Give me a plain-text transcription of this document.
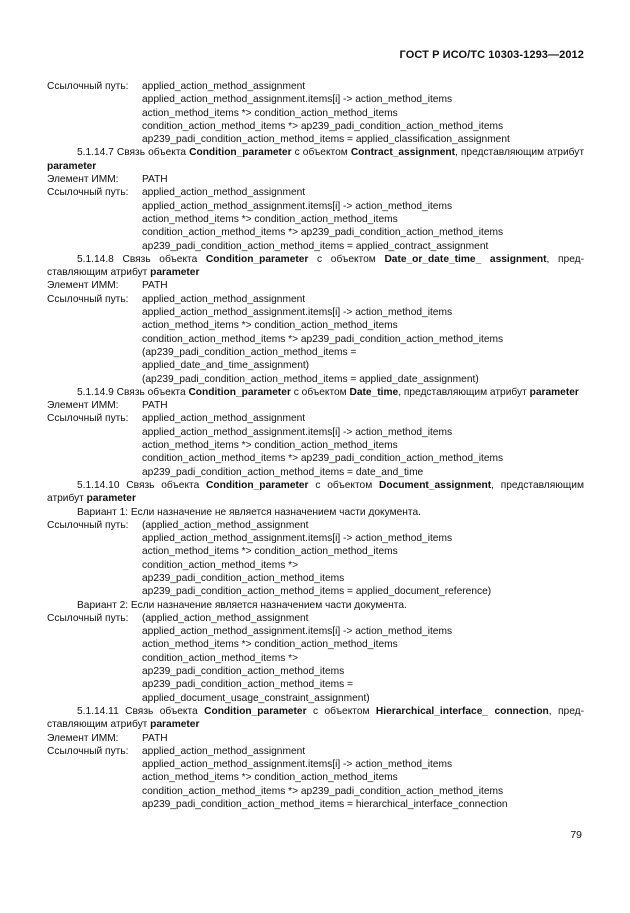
ГОСТ Р ИСО/ТС 10303-1293—2012
Ссылочный путь:	applied_action_method_assignment
applied_action_method_assignment.items[i] -> action_method_items
action_method_items *> condition_action_method_items
condition_action_method_items *> ap239_padi_condition_action_method_items
ap239_padi_condition_action_method_items = applied_classification_assignment
5.1.14.7 Связь объекта Condition_parameter с объектом Contract_assignment, представляющим атрибут parameter
Элемент ИММ:	PATH
Ссылочный путь:	applied_action_method_assignment
applied_action_method_assignment.items[i] -> action_method_items
action_method_items *> condition_action_method_items
condition_action_method_items *> ap239_padi_condition_action_method_items
ap239_padi_condition_action_method_items = applied_contract_assignment
5.1.14.8 Связь объекта Condition_parameter с объектом Date_or_date_time_ assignment, представляющим атрибут parameter
Элемент ИММ:	PATH
Ссылочный путь:	applied_action_method_assignment
applied_action_method_assignment.items[i] -> action_method_items
action_method_items *> condition_action_method_items
condition_action_method_items *> ap239_padi_condition_action_method_items
(ap239_padi_condition_action_method_items =
applied_date_and_time_assignment)
(ap239_padi_condition_action_method_items = applied_date_assignment)
5.1.14.9 Связь объекта Condition_parameter с объектом Date_time, представляющим атрибут parameter
Элемент ИММ:	PATH
Ссылочный путь:	applied_action_method_assignment
applied_action_method_assignment.items[i] -> action_method_items
action_method_items *> condition_action_method_items
condition_action_method_items *> ap239_padi_condition_action_method_items
ap239_padi_condition_action_method_items = date_and_time
5.1.14.10 Связь объекта Condition_parameter с объектом Document_assignment, представляющим атрибут parameter
Вариант 1: Если назначение не является назначением части документа.
Ссылочный путь:	(applied_action_method_assignment
applied_action_method_assignment.items[i] -> action_method_items
action_method_items *> condition_action_method_items
condition_action_method_items *>
ap239_padi_condition_action_method_items
ap239_padi_condition_action_method_items = applied_document_reference)
Вариант 2: Если назначение является назначением части документа.
Ссылочный путь:	(applied_action_method_assignment
applied_action_method_assignment.items[i] -> action_method_items
action_method_items *> condition_action_method_items
condition_action_method_items *>
ap239_padi_condition_action_method_items
ap239_padi_condition_action_method_items =
applied_document_usage_constraint_assignment)
5.1.14.11 Связь объекта Condition_parameter с объектом Hierarchical_interface_ connection, представляющим атрибут parameter
Элемент ИММ:	PATH
Ссылочный путь:	applied_action_method_assignment
applied_action_method_assignment.items[i] -> action_method_items
action_method_items *> condition_action_method_items
condition_action_method_items *> ap239_padi_condition_action_method_items
ap239_padi_condition_action_method_items = hierarchical_interface_connection
79
